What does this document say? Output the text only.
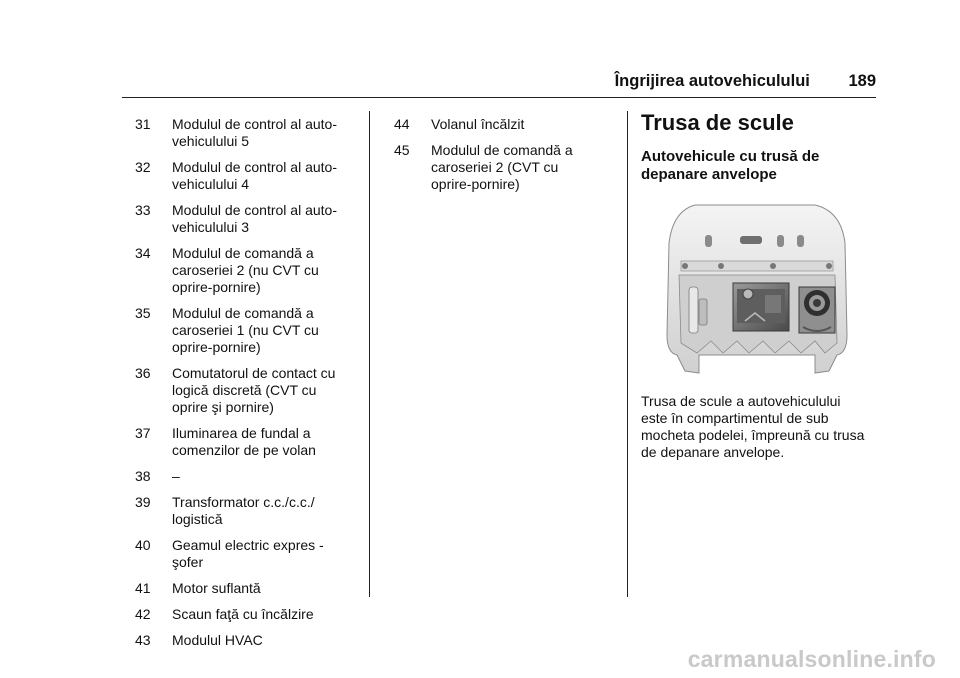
Îngrijirea autovehiculului 189
31	Modulul de control al auto-
vehiculului 5
32	Modulul de control al auto-
vehiculului 4
33	Modulul de control al auto-
vehiculului 3
34	Modulul de comandă a
caroseriei 2 (nu CVT cu
oprire-pornire)
35	Modulul de comandă a
caroseriei 1 (nu CVT cu
oprire-pornire)
36	Comutatorul de contact cu
logică discretă (CVT cu
oprire şi pornire)
37	Iluminarea de fundal a
comenzilor de pe volan
38	–
39	Transformator c.c./c.c./
logistică
40	Geamul electric expres -
şofer
41	Motor suflantă
42	Scaun faţă cu încălzire
43	Modulul HVAC
44	Volanul încălzit
45	Modulul de comandă a
caroseriei 2 (CVT cu
oprire-pornire)
Trusa de scule
Autovehicule cu trusă de
depanare anvelope
Trusa de scule a autovehiculului
este în compartimentul de sub
mocheta podelei, împreună cu trusa
de depanare anvelope.
carmanualsonline.info
